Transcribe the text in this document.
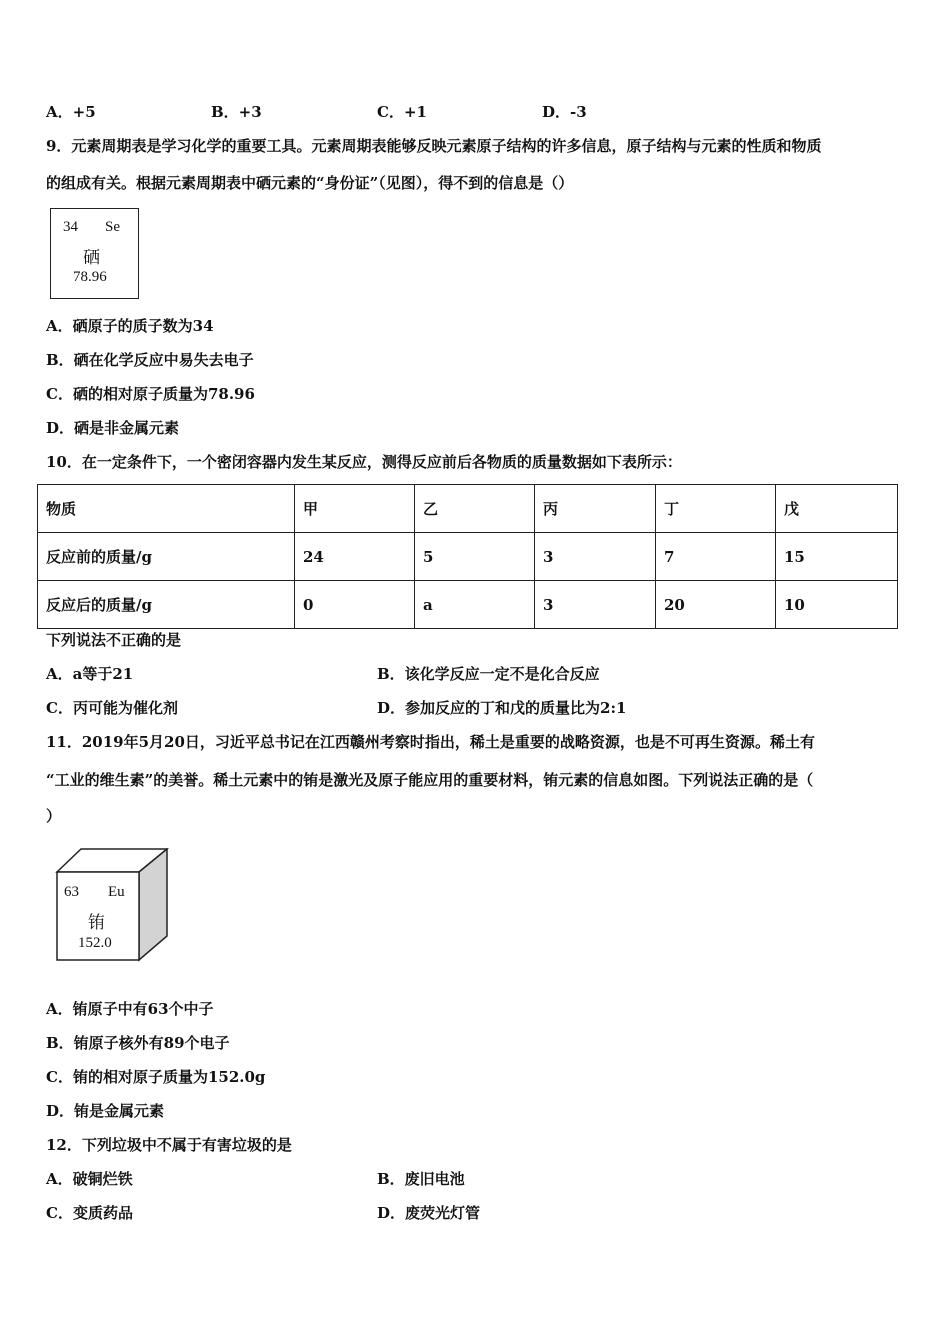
A．+5	B．+3	C．+1	D．-3
9．元素周期表是学习化学的重要工具。元素周期表能够反映元素原子结构的许多信息，原子结构与元素的性质和物质
的组成有关。根据元素周期表中硒元素的“身份证”（见图），得不到的信息是（）
34 Se
硒
78.96
A．硒原子的质子数为34
B．硒在化学反应中易失去电子
C．硒的相对原子质量为78.96
D．硒是非金属元素
10．在一定条件下，一个密闭容器内发生某反应，测得反应前后各物质的质量数据如下表所示：
物质	甲	乙	丙	丁	戊
反应前的质量/g	24	5	3	7	15
反应后的质量/g	0	a	3	20	10
下列说法不正确的是
A．a等于21	B．该化学反应一定不是化合反应
C．丙可能为催化剂	D．参加反应的丁和戊的质量比为2:1
11．2019年5月20日，习近平总书记在江西赣州考察时指出，稀土是重要的战略资源，也是不可再生资源。稀土有
“工业的维生素”的美誉。稀土元素中的铕是激光及原子能应用的重要材料，铕元素的信息如图。下列说法正确的是（
）
63 Eu
铕
152.0
A．铕原子中有63个中子
B．铕原子核外有89个电子
C．铕的相对原子质量为152.0g
D．铕是金属元素
12．下列垃圾中不属于有害垃圾的是
A．破铜烂铁	B．废旧电池
C．变质药品	D．废荧光灯管
